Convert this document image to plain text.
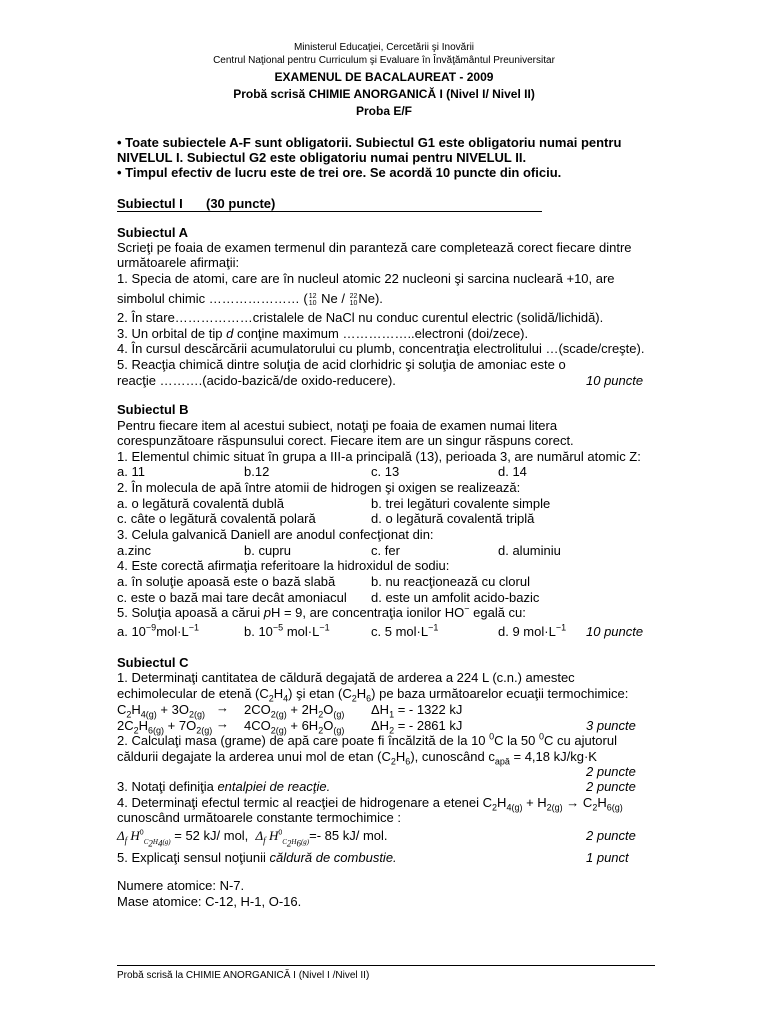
Ministerul Educaţiei, Cercetării şi Inovării
Centrul Naţional pentru Curriculum şi Evaluare în Învăţământul Preuniversitar
EXAMENUL DE BACALAUREAT - 2009
Probă scrisă CHIMIE ANORGANICĂ I (Nivel I/ Nivel II)
Proba E/F
• Toate subiectele A-F sunt obligatorii. Subiectul G1 este obligatoriu numai pentru
NIVELUL I. Subiectul G2 este obligatoriu numai pentru NIVELUL II.
• Timpul efectiv de lucru este de trei ore. Se acordă 10 puncte din oficiu.
Subiectul I (30 puncte)
Subiectul A
Scrieţi pe foaia de examen termenul din paranteză care completează corect fiecare dintre
următoarele afirmaţii:
1. Specia de atomi, care are în nucleul atomic 22 nucleoni şi sarcina nucleară +10, are
simbolul chimic ………………… ( 12
10 Ne / 22
10 Ne).
2. În stare………………cristalele de NaCl nu conduc curentul electric (solidă/lichidă).
3. Un orbital de tip d conţine maximum ……………..electroni (doi/zece).
4. În cursul descărcării acumulatorului cu plumb, concentraţia electrolitului …(scade/creşte).
5. Reacţia chimică dintre soluţia de acid clorhidric şi soluţia de amoniac este o
reacţie ……….(acido-bazică/de oxido-reducere).	10 puncte
Subiectul B
Pentru fiecare item al acestui subiect, notaţi pe foaia de examen numai litera
corespunzătoare răspunsului corect. Fiecare item are un singur răspuns corect.
1. Elementul chimic situat în grupa a III-a principală (13), perioada 3, are numărul atomic Z:
a. 11	b.12	c. 13	d. 14
2. În molecula de apă între atomii de hidrogen şi oxigen se realizează:
a. o legătură covalentă dublă	b. trei legături covalente simple
c. câte o legătură covalentă polară	d. o legătură covalentă triplă
3. Celula galvanică Daniell are anodul confecţionat din:
a.zinc	b. cupru	c. fer	d. aluminiu
4. Este corectă afirmaţia referitoare la hidroxidul de sodiu:
a. în soluţie apoasă este o bază slabă	b. nu reacţionează cu clorul
c. este o bază mai tare decât amoniacul d. este un amfolit acido-bazic
5. Soluţia apoasă a cărui pH = 9, are concentraţia ionilor HO− egală cu:
a. $10^{-9}mol\cdot L^{-1}$	b. $10^{-5}$ $mol\cdot L^{-1}$	c. 5 $mol\cdot L^{-1}$	d. 9 $mol\cdot L^{-1}$ 10 puncte
Subiectul C
1. Determinaţi cantitatea de căldură degajată de arderea a 224 L (c.n.) amestec
echimolecular de etenă $(C_2H_4)$ şi etan $(C_2H_6)$ pe baza următoarelor ecuaţii termochimice:
$C_2H_{4(g)} + 3O_{2(g)} \to 2CO_{2(g)} + 2H_2O_{(g)}$ $\Delta H_1$ = - 1322 kJ
$2C_2H_{6(g)} + 7O_{2(g)} \to 4CO_{2(g)} + 6H_2O_{(g)}$ $\Delta H_2$ = - 2861 kJ	3 puncte
2. Calculaţi masa (grame) de apă care poate fi încălzită de la 10 $^0$C la 50 $^0$C cu ajutorul
căldurii degajate la arderea unui mol de etan $(C_2H_6)$, cunoscând $c_{apă} = 4,18$ kJ/kg·K
2 puncte
3. Notaţi definiţia entalpiei de reacţie.	2 puncte
4. Determinaţi efectul termic al reacţiei de hidrogenare a etenei $C_2H_{4(g)} + H_{2(g)} \to C_2H_{6(g)}$
cunoscând următoarele constante termochimice :
$\Delta_f$ $H^0_{C_2H_4(g)} = 52$ kJ/ mol, $\Delta_f$ $H^0_{C_2H_6(g)}=-$ 85 kJ/ mol.	2 puncte
5. Explicaţi sensul noţiunii căldură de combustie.	1 punct
Numere atomice: N-7.
Mase atomice: C-12, H-1, O-16.
Probă scrisă la CHIMIE ANORGANICĂ I (Nivel I /Nivel II)
